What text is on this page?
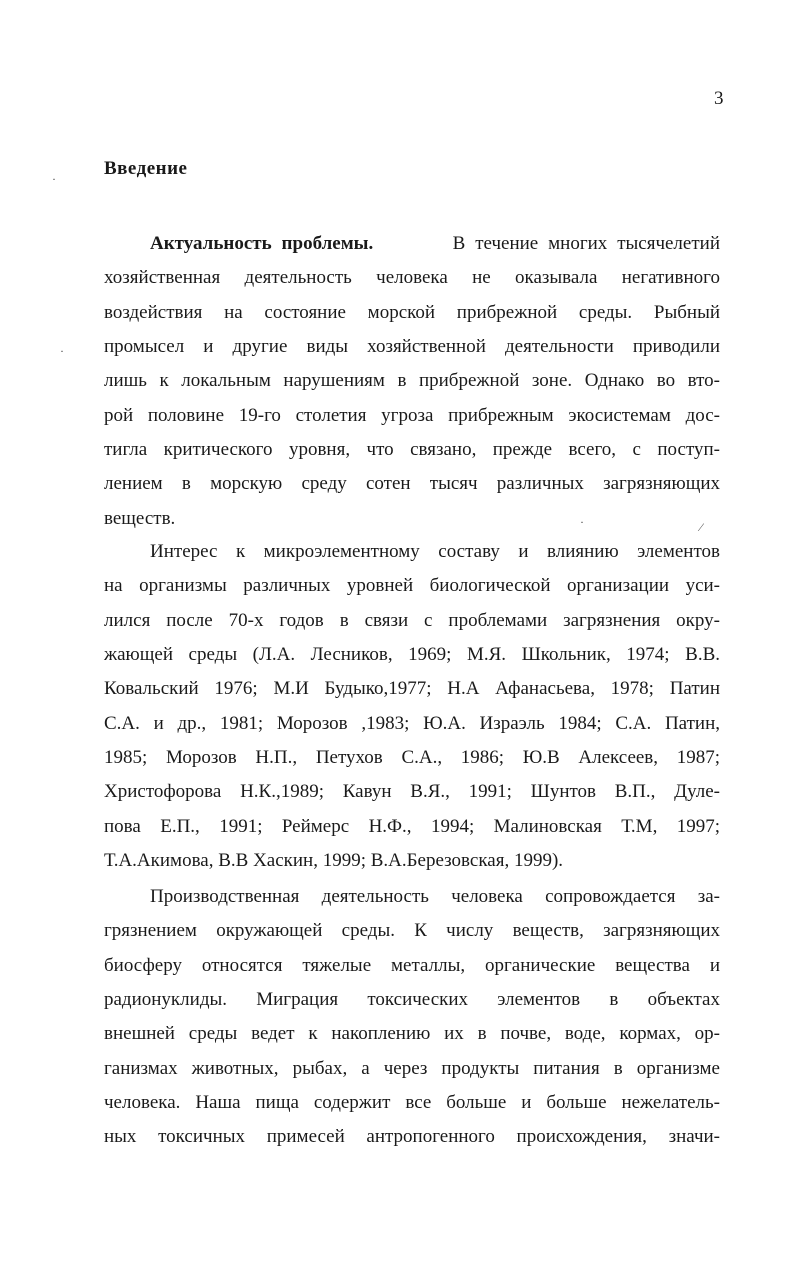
3
Введение
Актуальность проблемы.	В течение многих тысячелетий
хозяйственная деятельность человека не оказывала негативного
воздействия на состояние морской прибрежной среды. Рыбный
промысел и другие виды хозяйственной деятельности приводили
лишь к локальным нарушениям в прибрежной зоне. Однако во вто-
рой половине 19-го столетия угроза прибрежным экосистемам дос-
тигла критического уровня, что связано, прежде всего, с поступ-
лением в морскую среду сотен тысяч различных загрязняющих
веществ.
Интерес к микроэлементному составу и влиянию элементов
на организмы различных уровней биологической организации уси-
лился после 70-х годов в связи с проблемами загрязнения окру-
жающей среды (Л.А. Лесников, 1969; М.Я. Школьник, 1974; В.В.
Ковальский 1976; М.И Будыко,1977; Н.А Афанасьева, 1978; Патин
С.А. и др., 1981; Морозов ,1983; Ю.А. Израэль 1984; С.А. Патин,
1985; Морозов Н.П., Петухов С.А., 1986; Ю.В Алексеев, 1987;
Христофорова Н.К.,1989; Кавун В.Я., 1991; Шунтов В.П., Дуле-
пова Е.П., 1991; Реймерс Н.Ф., 1994; Малиновская Т.М, 1997;
Т.А.Акимова, В.В Хаскин, 1999; В.А.Березовская, 1999).
Производственная деятельность человека сопровождается за-
грязнением окружающей среды. К числу веществ, загрязняющих
биосферу относятся тяжелые металлы, органические вещества и
радионуклиды. Миграция токсических элементов в объектах
внешней среды ведет к накоплению их в почве, воде, кормах, ор-
ганизмах животных, рыбах, а через продукты питания в организме
человека. Наша пища содержит все больше и больше нежелатель-
ных токсичных примесей антропогенного происхождения, значи-
·
·
⁄
·
